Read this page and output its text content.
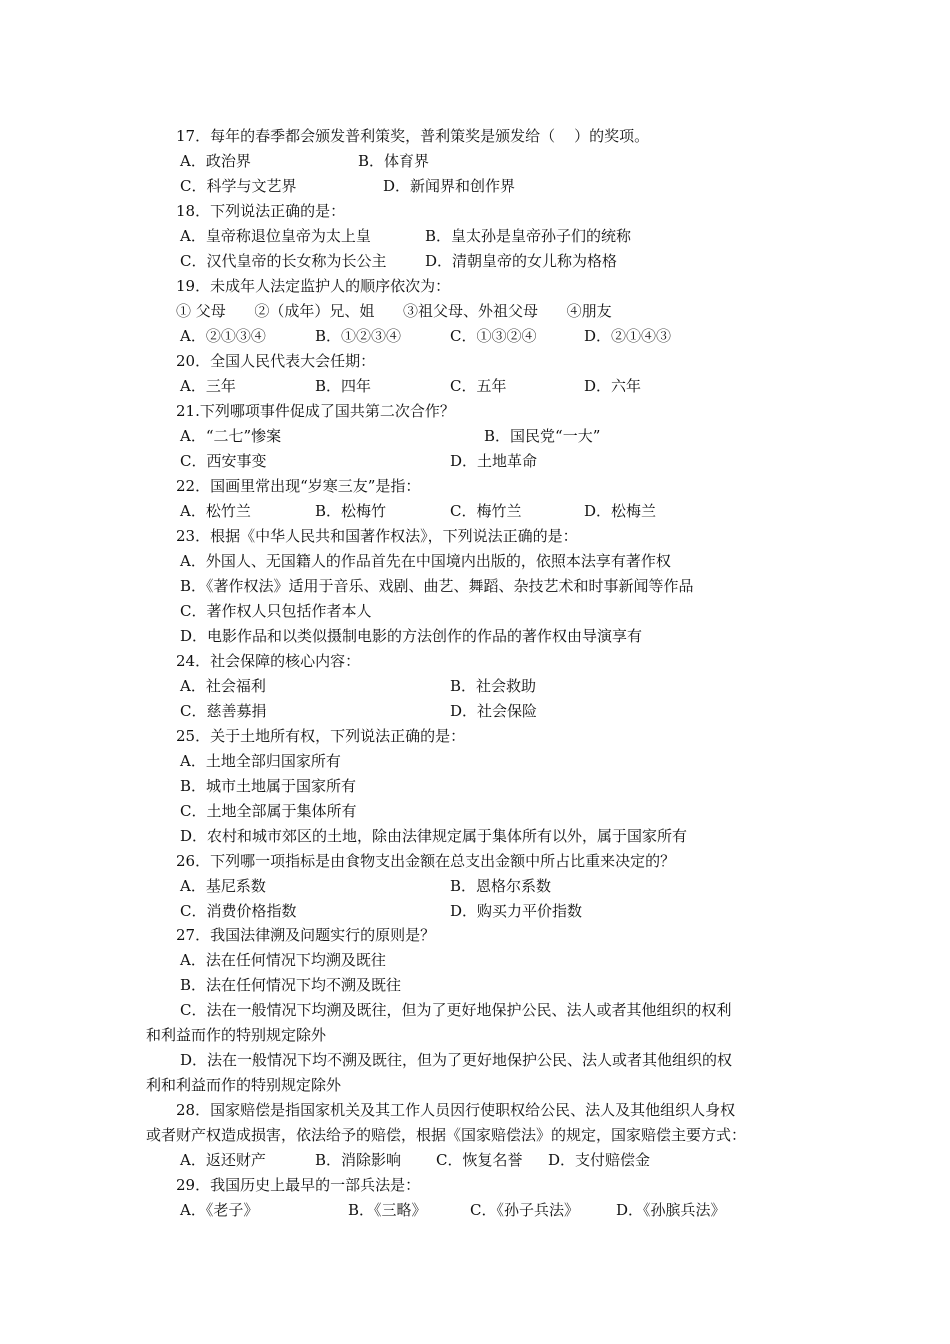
17．每年的春季都会颁发普利策奖，普利策奖是颁发给（    ）的奖项。
A．政治界	B．体育界
C．科学与文艺界	D．新闻界和创作界
18．下列说法正确的是：
A．皇帝称退位皇帝为太上皇	B．皇太孙是皇帝孙子们的统称
C．汉代皇帝的长女称为长公主	D．清朝皇帝的女儿称为格格
19．未成年人法定监护人的顺序依次为：
① 父母      ②（成年）兄、姐      ③祖父母、外祖父母      ④朋友
A．②①③④	B．①②③④	C．①③②④	D．②①④③
20．全国人民代表大会任期：
A．三年	B．四年	C．五年	D．六年
21.下列哪项事件促成了国共第二次合作？
A．“二七”惨案	B．国民党“一大”
C．西安事变	D．土地革命
22．国画里常出现“岁寒三友”是指：
A．松竹兰	B．松梅竹	C．梅竹兰	D．松梅兰
23．根据《中华人民共和国著作权法》，下列说法正确的是：
A．外国人、无国籍人的作品首先在中国境内出版的，依照本法享有著作权
B．《著作权法》适用于音乐、戏剧、曲艺、舞蹈、杂技艺术和时事新闻等作品
C．著作权人只包括作者本人
D．电影作品和以类似摄制电影的方法创作的作品的著作权由导演享有
24．社会保障的核心内容：
A．社会福利	B．社会救助
C．慈善募捐	D．社会保险
25．关于土地所有权，下列说法正确的是：
A．土地全部归国家所有
B．城市土地属于国家所有
C．土地全部属于集体所有
D．农村和城市郊区的土地，除由法律规定属于集体所有以外，属于国家所有
26．下列哪一项指标是由食物支出金额在总支出金额中所占比重来决定的？
A．基尼系数	B．恩格尔系数
C．消费价格指数	D．购买力平价指数
27．我国法律溯及问题实行的原则是？
A．法在任何情况下均溯及既往
B．法在任何情况下均不溯及既往
C．法在一般情况下均溯及既往，但为了更好地保护公民、法人或者其他组织的权利
和利益而作的特别规定除外
D．法在一般情况下均不溯及既往，但为了更好地保护公民、法人或者其他组织的权
利和利益而作的特别规定除外
28．国家赔偿是指国家机关及其工作人员因行使职权给公民、法人及其他组织人身权
或者财产权造成损害，依法给予的赔偿，根据《国家赔偿法》的规定，国家赔偿主要方式：
A．返还财产	B．消除影响 C．恢复名誉 D．支付赔偿金
29．我国历史上最早的一部兵法是：
A．《老子》	B．《三略》	C．《孙子兵法》 D．《孙膑兵法》
